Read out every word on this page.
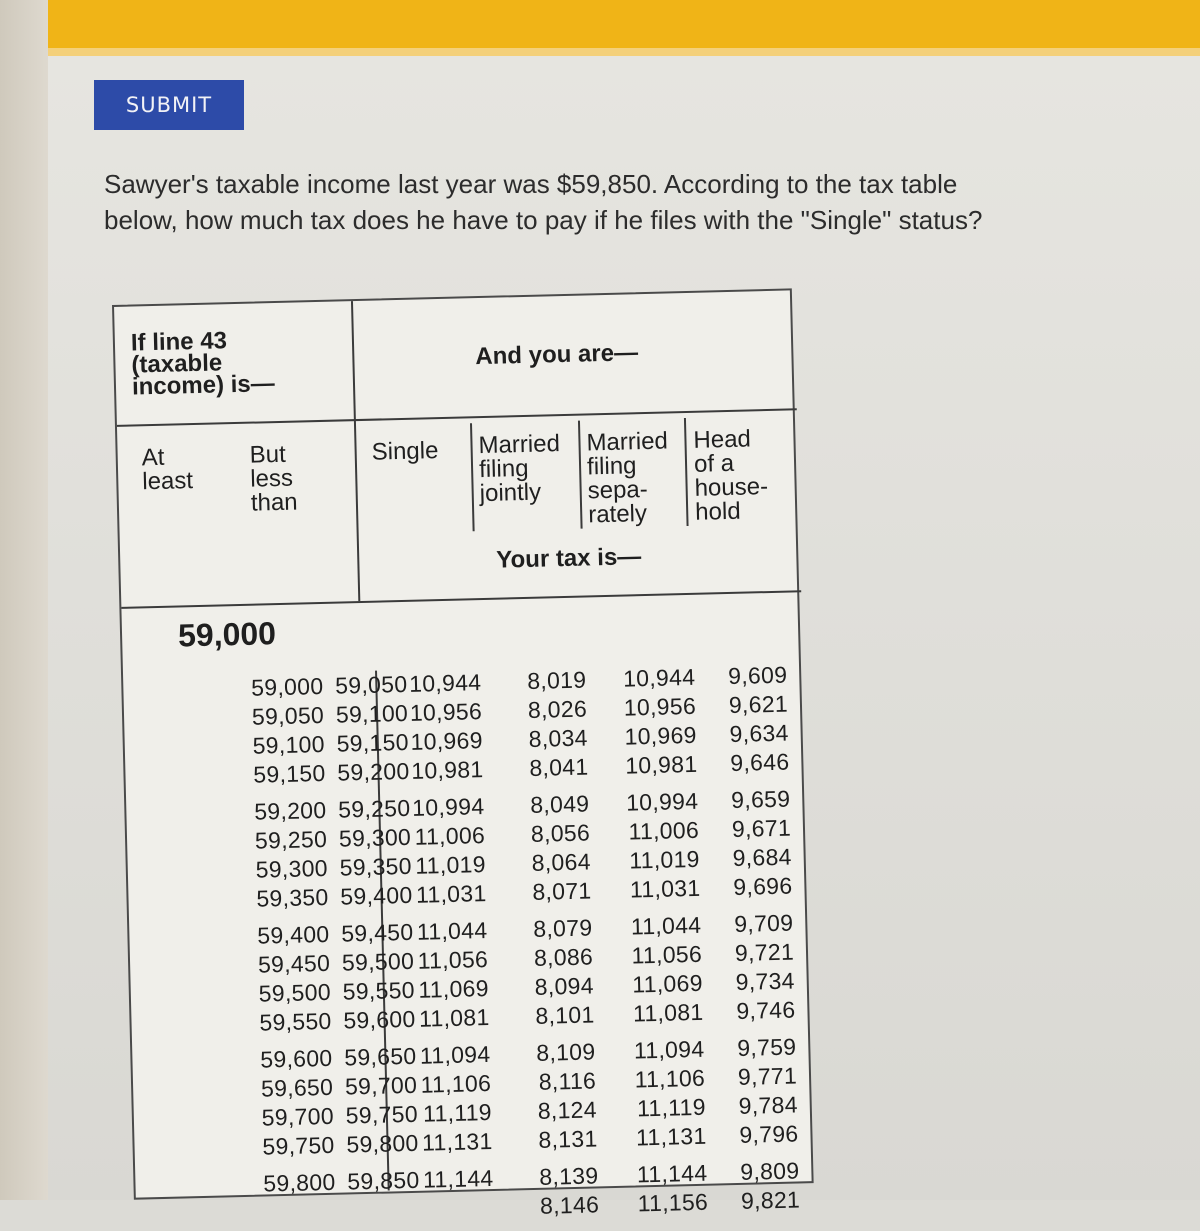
SUBMIT
Sawyer's taxable income last year was $59,850. According to the tax table
below, how much tax does he have to pay if he files with the "Single" status?
If line 43
(taxable
income) is—
And you are—
At
least
But
less
than
Single Married
filing
jointly
Married
filing
sepa-
rately
Head
of a
house-
hold
Your tax is—
59,000
59,000 59,050 10,944 8,019 10,944 9,609
59,050 59,100 10,956 8,026 10,956 9,621
59,100 59,150 10,969 8,034 10,969 9,634
59,150 59,200 10,981 8,041 10,981 9,646
59,200 59,250 10,994 8,049 10,994 9,659
59,250 59,300 11,006 8,056 11,006 9,671
59,300 59,350 11,019 8,064 11,019 9,684
59,350 59,400 11,031 8,071 11,031 9,696
59,400 59,450 11,044 8,079 11,044 9,709
59,450 59,500 11,056 8,086 11,056 9,721
59,500 59,550 11,069 8,094 11,069 9,734
59,550 59,600 11,081 8,101 11,081 9,746
59,600 59,650 11,094 8,109 11,094 9,759
59,650 59,700 11,106 8,116 11,106 9,771
59,700 59,750 11,119 8,124 11,119 9,784
59,750 59,800 11,131 8,131 11,131 9,796
59,800 59,850 11,144 8,139 11,144 9,809
8,146 11,156 9,821
